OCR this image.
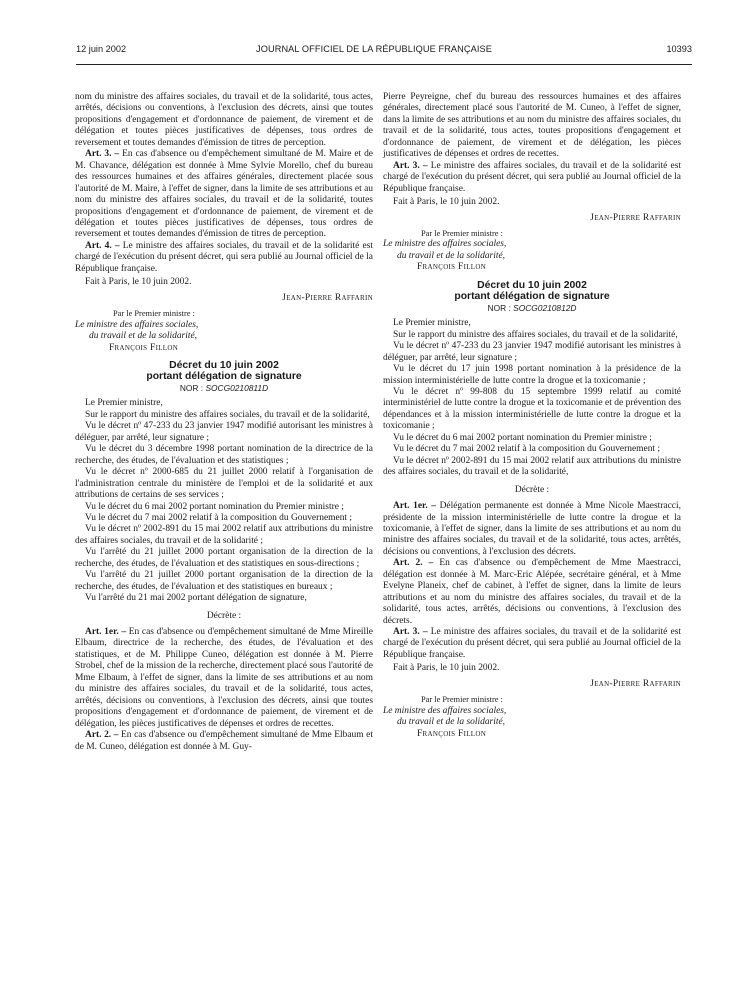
12 juin 2002	JOURNAL OFFICIEL DE LA RÉPUBLIQUE FRANÇAISE	10393

nom du ministre des affaires sociales, du travail et de la solidarité, tous actes, arrêtés, décisions ou conventions, à l'exclusion des décrets, ainsi que toutes propositions d'engagement et d'ordonnance de paiement, de virement et de délégation et toutes pièces justificatives de dépenses, tous ordres de reversement et toutes demandes d'émission de titres de perception.

Art. 3. – En cas d'absence ou d'empêchement simultané de M. Maire et de M. Chavance, délégation est donnée à Mme Sylvie Morello, chef du bureau des ressources humaines et des affaires générales, directement placée sous l'autorité de M. Maire, à l'effet de signer, dans la limite de ses attributions et au nom du ministre des affaires sociales, du travail et de la solidarité, toutes propositions d'engagement et d'ordonnance de paiement, de virement et de délégation et toutes pièces justificatives de dépenses, tous ordres de reversement et toutes demandes d'émission de titres de perception.

Art. 4. – Le ministre des affaires sociales, du travail et de la solidarité est chargé de l'exécution du présent décret, qui sera publié au Journal officiel de la République française.

Fait à Paris, le 10 juin 2002.

Jean-Pierre Raffarin

Par le Premier ministre :

Le ministre des affaires sociales,

du travail et de la solidarité,

François Fillon

Décret du 10 juin 2002
portant délégation de signature

NOR : SOCG0210811D

Le Premier ministre,

Sur le rapport du ministre des affaires sociales, du travail et de la solidarité,

Vu le décret nº 47-233 du 23 janvier 1947 modifié autorisant les ministres à déléguer, par arrêté, leur signature ;

Vu le décret du 3 décembre 1998 portant nomination de la directrice de la recherche, des études, de l'évaluation et des statistiques ;

Vu le décret nº 2000-685 du 21 juillet 2000 relatif à l'organisation de l'administration centrale du ministère de l'emploi et de la solidarité et aux attributions de certains de ses services ;

Vu le décret du 6 mai 2002 portant nomination du Premier ministre ;

Vu le décret du 7 mai 2002 relatif à la composition du Gouvernement ;

Vu le décret nº 2002-891 du 15 mai 2002 relatif aux attributions du ministre des affaires sociales, du travail et de la solidarité ;

Vu l'arrêté du 21 juillet 2000 portant organisation de la direction de la recherche, des études, de l'évaluation et des statistiques en sous-directions ;

Vu l'arrêté du 21 juillet 2000 portant organisation de la direction de la recherche, des études, de l'évaluation et des statistiques en bureaux ;

Vu l'arrêté du 21 mai 2002 portant délégation de signature,

Décrète :

Art. 1er. – En cas d'absence ou d'empêchement simultané de Mme Mireille Elbaum, directrice de la recherche, des études, de l'évaluation et des statistiques, et de M. Philippe Cuneo, délégation est donnée à M. Pierre Strobel, chef de la mission de la recherche, directement placé sous l'autorité de Mme Elbaum, à l'effet de signer, dans la limite de ses attributions et au nom du ministre des affaires sociales, du travail et de la solidarité, tous actes, arrêtés, décisions ou conventions, à l'exclusion des décrets, ainsi que toutes propositions d'engagement et d'ordonnance de paiement, de virement et de délégation, les pièces justificatives de dépenses et ordres de recettes.

Art. 2. – En cas d'absence ou d'empêchement simultané de Mme Elbaum et de M. Cuneo, délégation est donnée à M. Guy-

Pierre Peyreigne, chef du bureau des ressources humaines et des affaires générales, directement placé sous l'autorité de M. Cuneo, à l'effet de signer, dans la limite de ses attributions et au nom du ministre des affaires sociales, du travail et de la solidarité, tous actes, toutes propositions d'engagement et d'ordonnance de paiement, de virement et de délégation, les pièces justificatives de dépenses et ordres de recettes.

Art. 3. – Le ministre des affaires sociales, du travail et de la solidarité est chargé de l'exécution du présent décret, qui sera publié au Journal officiel de la République française.

Fait à Paris, le 10 juin 2002.

Jean-Pierre Raffarin

Par le Premier ministre :

Le ministre des affaires sociales,

du travail et de la solidarité,

François Fillon

Décret du 10 juin 2002
portant délégation de signature

NOR : SOCG0210812D

Le Premier ministre,

Sur le rapport du ministre des affaires sociales, du travail et de la solidarité,

Vu le décret nº 47-233 du 23 janvier 1947 modifié autorisant les ministres à déléguer, par arrêté, leur signature ;

Vu le décret du 17 juin 1998 portant nomination à la présidence de la mission interministérielle de lutte contre la drogue et la toxicomanie ;

Vu le décret nº 99-808 du 15 septembre 1999 relatif au comité interministériel de lutte contre la drogue et la toxicomanie et de prévention des dépendances et à la mission interministérielle de lutte contre la drogue et la toxicomanie ;

Vu le décret du 6 mai 2002 portant nomination du Premier ministre ;

Vu le décret du 7 mai 2002 relatif à la composition du Gouvernement ;

Vu le décret nº 2002-891 du 15 mai 2002 relatif aux attributions du ministre des affaires sociales, du travail et de la solidarité,

Décrète :

Art. 1er. – Délégation permanente est donnée à Mme Nicole Maestracci, présidente de la mission interministérielle de lutte contre la drogue et la toxicomanie, à l'effet de signer, dans la limite de ses attributions et au nom du ministre des affaires sociales, du travail et de la solidarité, tous actes, arrêtés, décisions ou conventions, à l'exclusion des décrets.

Art. 2. – En cas d'absence ou d'empêchement de Mme Maestracci, délégation est donnée à M. Marc-Eric Alépée, secrétaire général, et à Mme Evelyne Planeix, chef de cabinet, à l'effet de signer, dans la limite de leurs attributions et au nom du ministre des affaires sociales, du travail et de la solidarité, tous actes, arrêtés, décisions ou conventions, à l'exclusion des décrets.

Art. 3. – Le ministre des affaires sociales, du travail et de la solidarité est chargé de l'exécution du présent décret, qui sera publié au Journal officiel de la République française.

Fait à Paris, le 10 juin 2002.

Jean-Pierre Raffarin

Par le Premier ministre :

Le ministre des affaires sociales,

du travail et de la solidarité,

François Fillon
